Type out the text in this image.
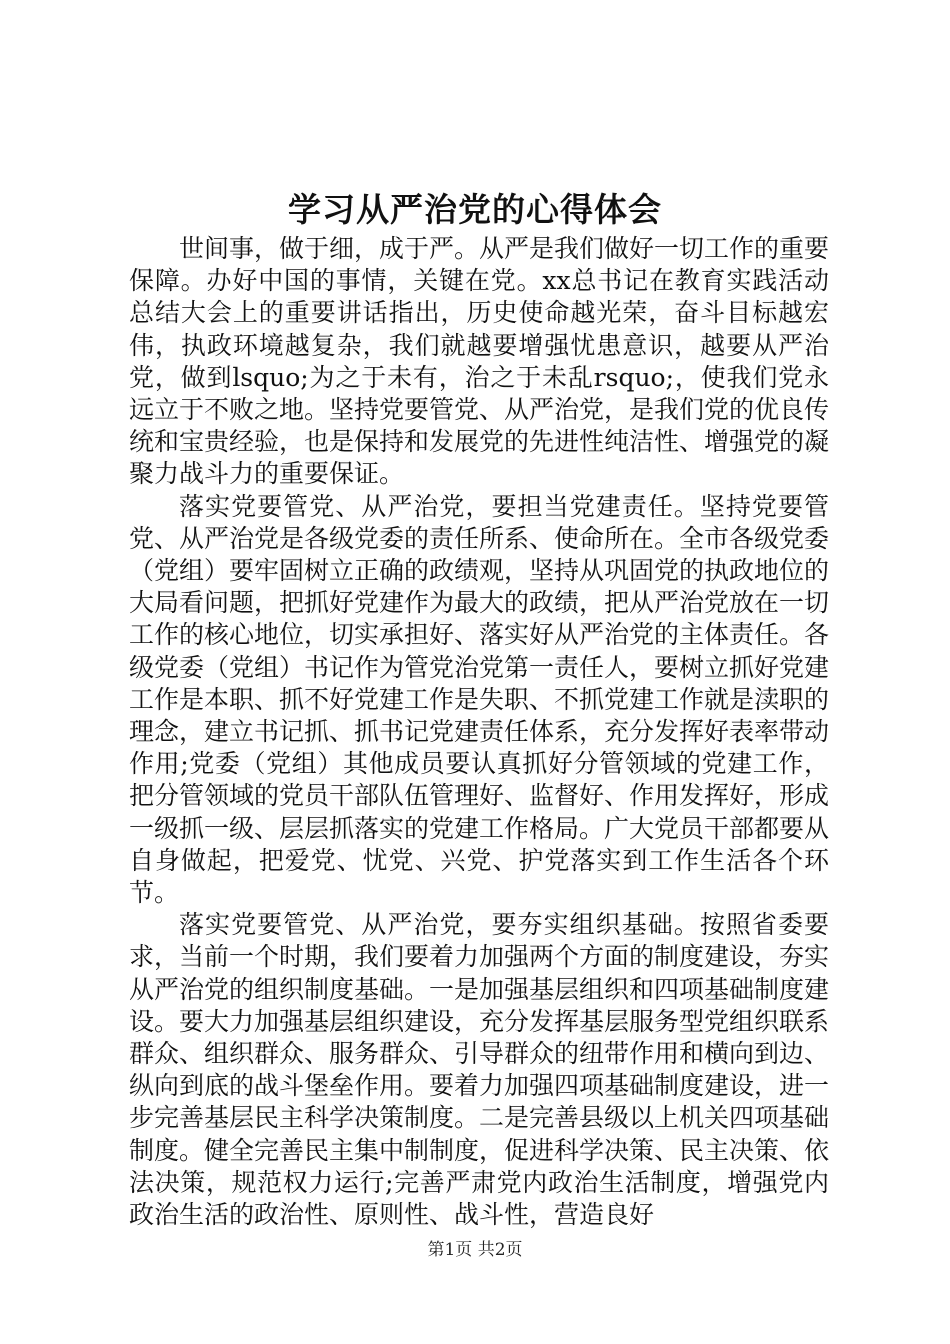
学习从严治党的心得体会

世间事，做于细，成于严。从严是我们做好一切工作的重要保障。办好中国的事情，关键在党。xx总书记在教育实践活动总结大会上的重要讲话指出，历史使命越光荣，奋斗目标越宏伟，执政环境越复杂，我们就越要增强忧患意识，越要从严治党，做到lsquo;为之于未有，治之于未乱rsquo;，使我们党永远立于不败之地。坚持党要管党、从严治党，是我们党的优良传统和宝贵经验，也是保持和发展党的先进性纯洁性、增强党的凝聚力战斗力的重要保证。

落实党要管党、从严治党，要担当党建责任。坚持党要管党、从严治党是各级党委的责任所系、使命所在。全市各级党委（党组）要牢固树立正确的政绩观，坚持从巩固党的执政地位的大局看问题，把抓好党建作为最大的政绩，把从严治党放在一切工作的核心地位，切实承担好、落实好从严治党的主体责任。各级党委（党组）书记作为管党治党第一责任人，要树立抓好党建工作是本职、抓不好党建工作是失职、不抓党建工作就是渎职的理念，建立书记抓、抓书记党建责任体系，充分发挥好表率带动作用;党委（党组）其他成员要认真抓好分管领域的党建工作，把分管领域的党员干部队伍管理好、监督好、作用发挥好，形成一级抓一级、层层抓落实的党建工作格局。广大党员干部都要从自身做起，把爱党、忧党、兴党、护党落实到工作生活各个环节。

落实党要管党、从严治党，要夯实组织基础。按照省委要求，当前一个时期，我们要着力加强两个方面的制度建设，夯实从严治党的组织制度基础。一是加强基层组织和四项基础制度建设。要大力加强基层组织建设，充分发挥基层服务型党组织联系群众、组织群众、服务群众、引导群众的纽带作用和横向到边、纵向到底的战斗堡垒作用。要着力加强四项基础制度建设，进一步完善基层民主科学决策制度。二是完善县级以上机关四项基础制度。健全完善民主集中制制度，促进科学决策、民主决策、依法决策，规范权力运行;完善严肃党内政治生活制度，增强党内政治生活的政治性、原则性、战斗性，营造良好

第1页 共2页
